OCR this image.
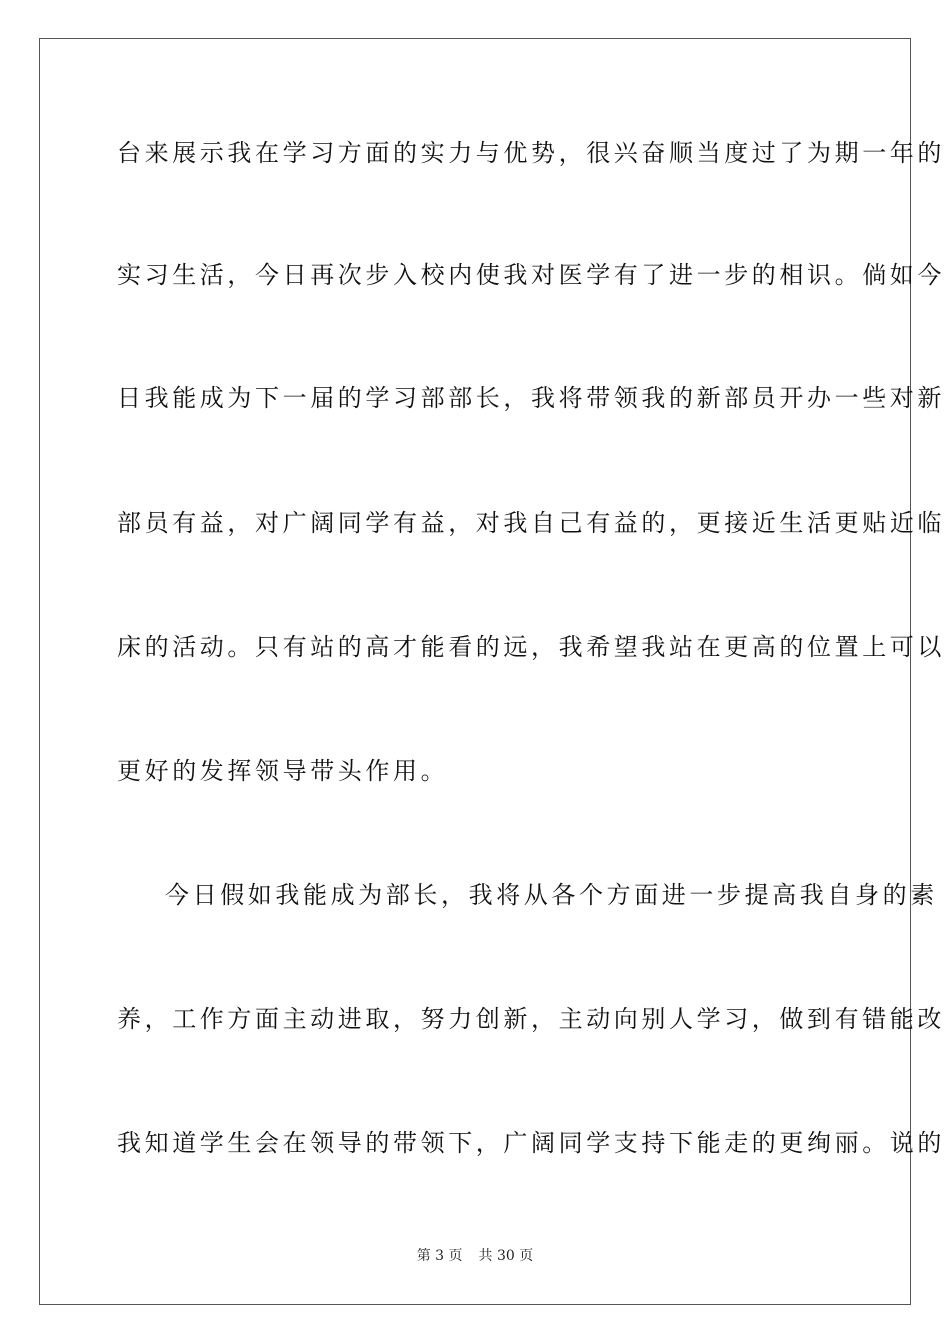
台来展示我在学习方面的实力与优势，很兴奋顺当度过了为期一年的
实习生活，今日再次步入校内使我对医学有了进一步的相识。倘如今
日我能成为下一届的学习部部长，我将带领我的新部员开办一些对新
部员有益，对广阔同学有益，对我自己有益的，更接近生活更贴近临
床的活动。只有站的高才能看的远，我希望我站在更高的位置上可以
更好的发挥领导带头作用。
今日假如我能成为部长，我将从各个方面进一步提高我自身的素
养，工作方面主动进取，努力创新，主动向别人学习，做到有错能改
我知道学生会在领导的带领下，广阔同学支持下能走的更绚丽。说的
第 3 页 共 30 页
